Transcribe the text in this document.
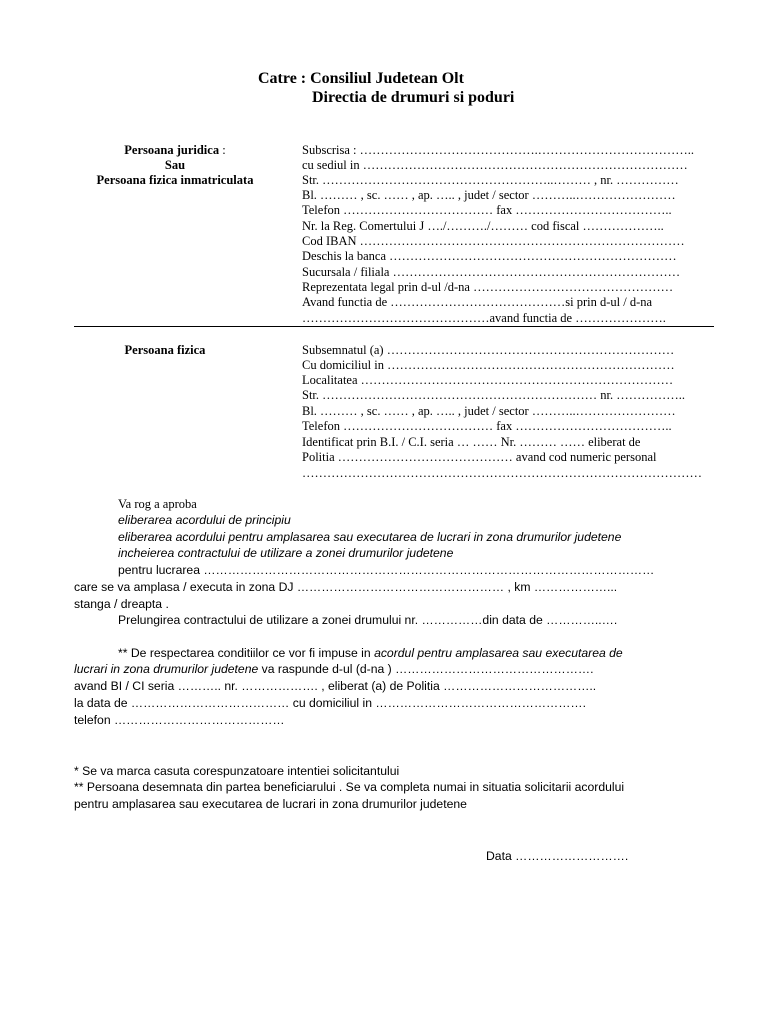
Catre : Consiliul Judetean Olt
Directia de drumuri si poduri
Persoana juridica :
Sau
Persoana fizica inmatriculata
Subscrisa : …………………………………….………………………………..
cu sediul in ……………………………………………………………………
Str. ………………………………………………..……… , nr. ……………
Bl. ……… , sc. …… , ap. ….. , judet / sector ………..……………………
Telefon ……………………………… fax ………………………………..
Nr. la Reg. Comertului J …./………./……… cod fiscal ………………..
Cod IBAN ……………………………………………………………………
Deschis la banca ……………………………………………………………
Sucursala / filiala ……………………………………………………………
Reprezentata legal prin d-ul /d-na …………………………………………
Avand functia de ……………………………………si prin d-ul / d-na
………………………………………avand functia de ………………….
Persoana fizica	Subsemnatul (a) ……………………………………………………………
Cu domiciliul in ……………………………………………………………
Localitatea …………………………………………………………………
Str. ………………………………………………………… nr. ……………..
Bl. ……… , sc. …… , ap. ….. , judet / sector ………..……………………
Telefon ……………………………… fax ………………………………..
Identificat prin B.I. / C.I. seria … …… Nr. ……… …… eliberat de
Politia …………………………………… avand cod numeric personal
……………………………………………………………………………………
Va rog a aproba
eliberarea acordului de principiu
eliberarea acordului pentru amplasarea sau executarea de lucrari in zona drumurilor judetene
incheierea contractului de utilizare a zonei drumurilor judetene
pentru lucrarea …………………………………………………………………………………………………
care se va amplasa / executa in zona DJ …………………………………………… , km ………………...
stanga / dreapta .
Prelungirea contractului de utilizare a zonei drumului nr. ……………din data de …………..….
** De respectarea conditiilor ce vor fi impuse in acordul pentru amplasarea sau executarea de
lucrari in zona drumurilor judetene va raspunde d-ul (d-na ) ………………………………………….
avand BI / CI seria ……….. nr. ………………. , eliberat (a) de Politia ………………………………..
la data de ………………………………… cu domiciliul in …………………………………………….
telefon ……………………………………
* Se va marca casuta corespunzatoare intentiei solicitantului
** Persoana desemnata din partea beneficiarului . Se va completa numai in situatia solicitarii acordului
pentru amplasarea sau executarea de lucrari in zona drumurilor judetene
Data ……………………….
